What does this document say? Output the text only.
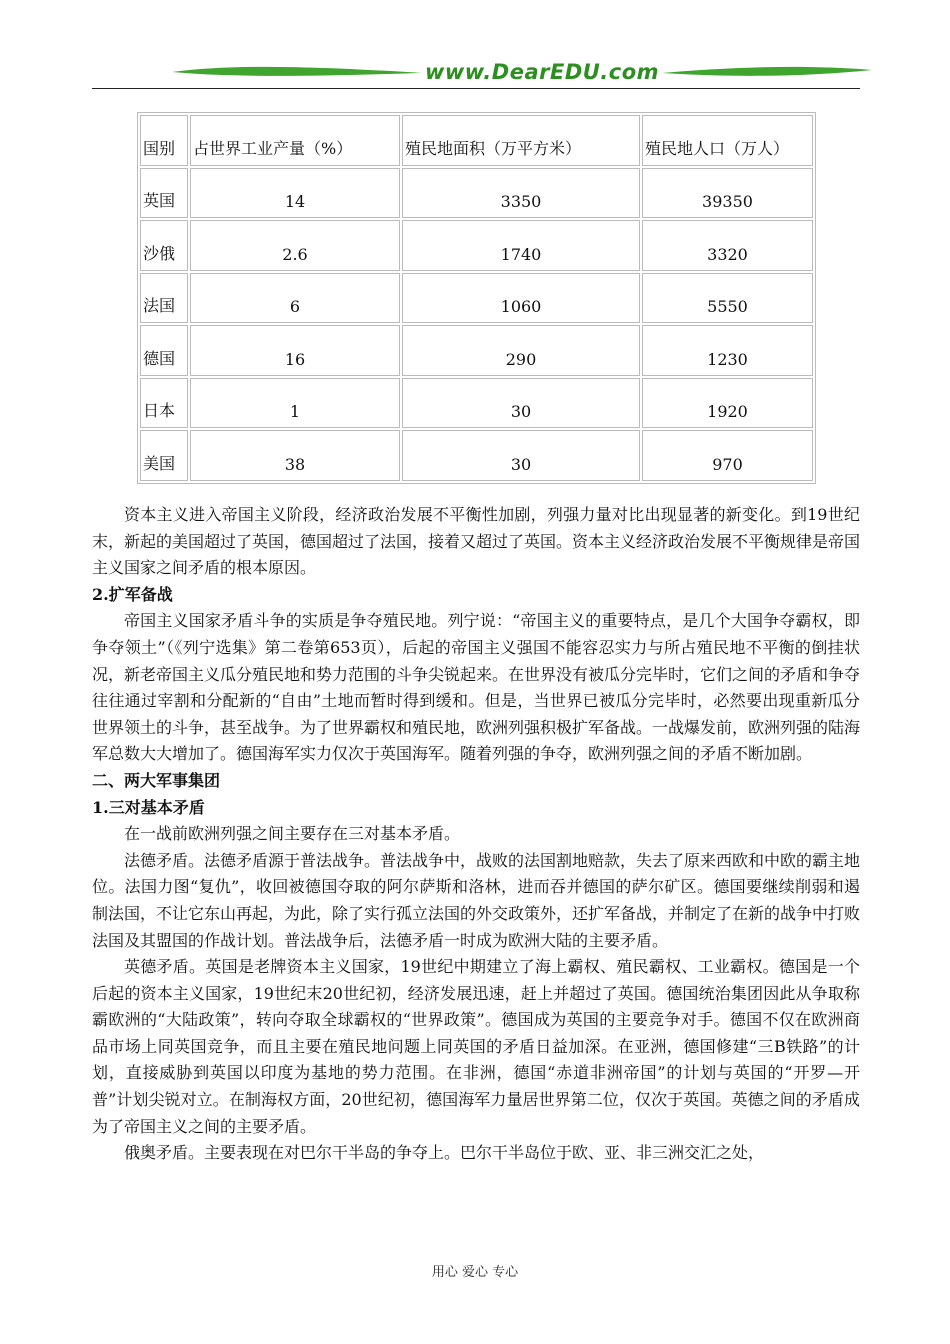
www.DearEDU.com
国别	占世界工业产量（%）	殖民地面积（万平方米）	殖民地人口（万人）
英国	14	3350	39350
沙俄	2.6	1740	3320
法国	6	1060	5550
德国	16	290	1230
日本	1	30	1920
美国	38	30	970

资本主义进入帝国主义阶段，经济政治发展不平衡性加剧，列强力量对比出现显著的新变化。到19世纪末，新起的美国超过了英国，德国超过了法国，接着又超过了英国。资本主义经济政治发展不平衡规律是帝国主义国家之间矛盾的根本原因。

2.扩军备战

帝国主义国家矛盾斗争的实质是争夺殖民地。列宁说：“帝国主义的重要特点，是几个大国争夺霸权，即争夺领土”（《列宁选集》第二卷第653页），后起的帝国主义强国不能容忍实力与所占殖民地不平衡的倒挂状况，新老帝国主义瓜分殖民地和势力范围的斗争尖锐起来。在世界没有被瓜分完毕时，它们之间的矛盾和争夺往往通过宰割和分配新的“自由”土地而暂时得到缓和。但是，当世界已被瓜分完毕时，必然要出现重新瓜分世界领土的斗争，甚至战争。为了世界霸权和殖民地，欧洲列强积极扩军备战。一战爆发前，欧洲列强的陆海军总数大大增加了。德国海军实力仅次于英国海军。随着列强的争夺，欧洲列强之间的矛盾不断加剧。

二、两大军事集团
1.三对基本矛盾

在一战前欧洲列强之间主要存在三对基本矛盾。

法德矛盾。法德矛盾源于普法战争。普法战争中，战败的法国割地赔款，失去了原来西欧和中欧的霸主地位。法国力图“复仇”，收回被德国夺取的阿尔萨斯和洛林，进而吞并德国的萨尔矿区。德国要继续削弱和遏制法国，不让它东山再起，为此，除了实行孤立法国的外交政策外，还扩军备战，并制定了在新的战争中打败法国及其盟国的作战计划。普法战争后，法德矛盾一时成为欧洲大陆的主要矛盾。

英德矛盾。英国是老牌资本主义国家，19世纪中期建立了海上霸权、殖民霸权、工业霸权。德国是一个后起的资本主义国家，19世纪末20世纪初，经济发展迅速，赶上并超过了英国。德国统治集团因此从争取称霸欧洲的“大陆政策”，转向夺取全球霸权的“世界政策”。德国成为英国的主要竞争对手。德国不仅在欧洲商品市场上同英国竞争，而且主要在殖民地问题上同英国的矛盾日益加深。在亚洲，德国修建“三B铁路”的计划，直接威胁到英国以印度为基地的势力范围。在非洲，德国“赤道非洲帝国”的计划与英国的“开罗—开普”计划尖锐对立。在制海权方面，20世纪初，德国海军力量居世界第二位，仅次于英国。英德之间的矛盾成为了帝国主义之间的主要矛盾。

俄奥矛盾。主要表现在对巴尔干半岛的争夺上。巴尔干半岛位于欧、亚、非三洲交汇之处，

用心 爱心 专心
